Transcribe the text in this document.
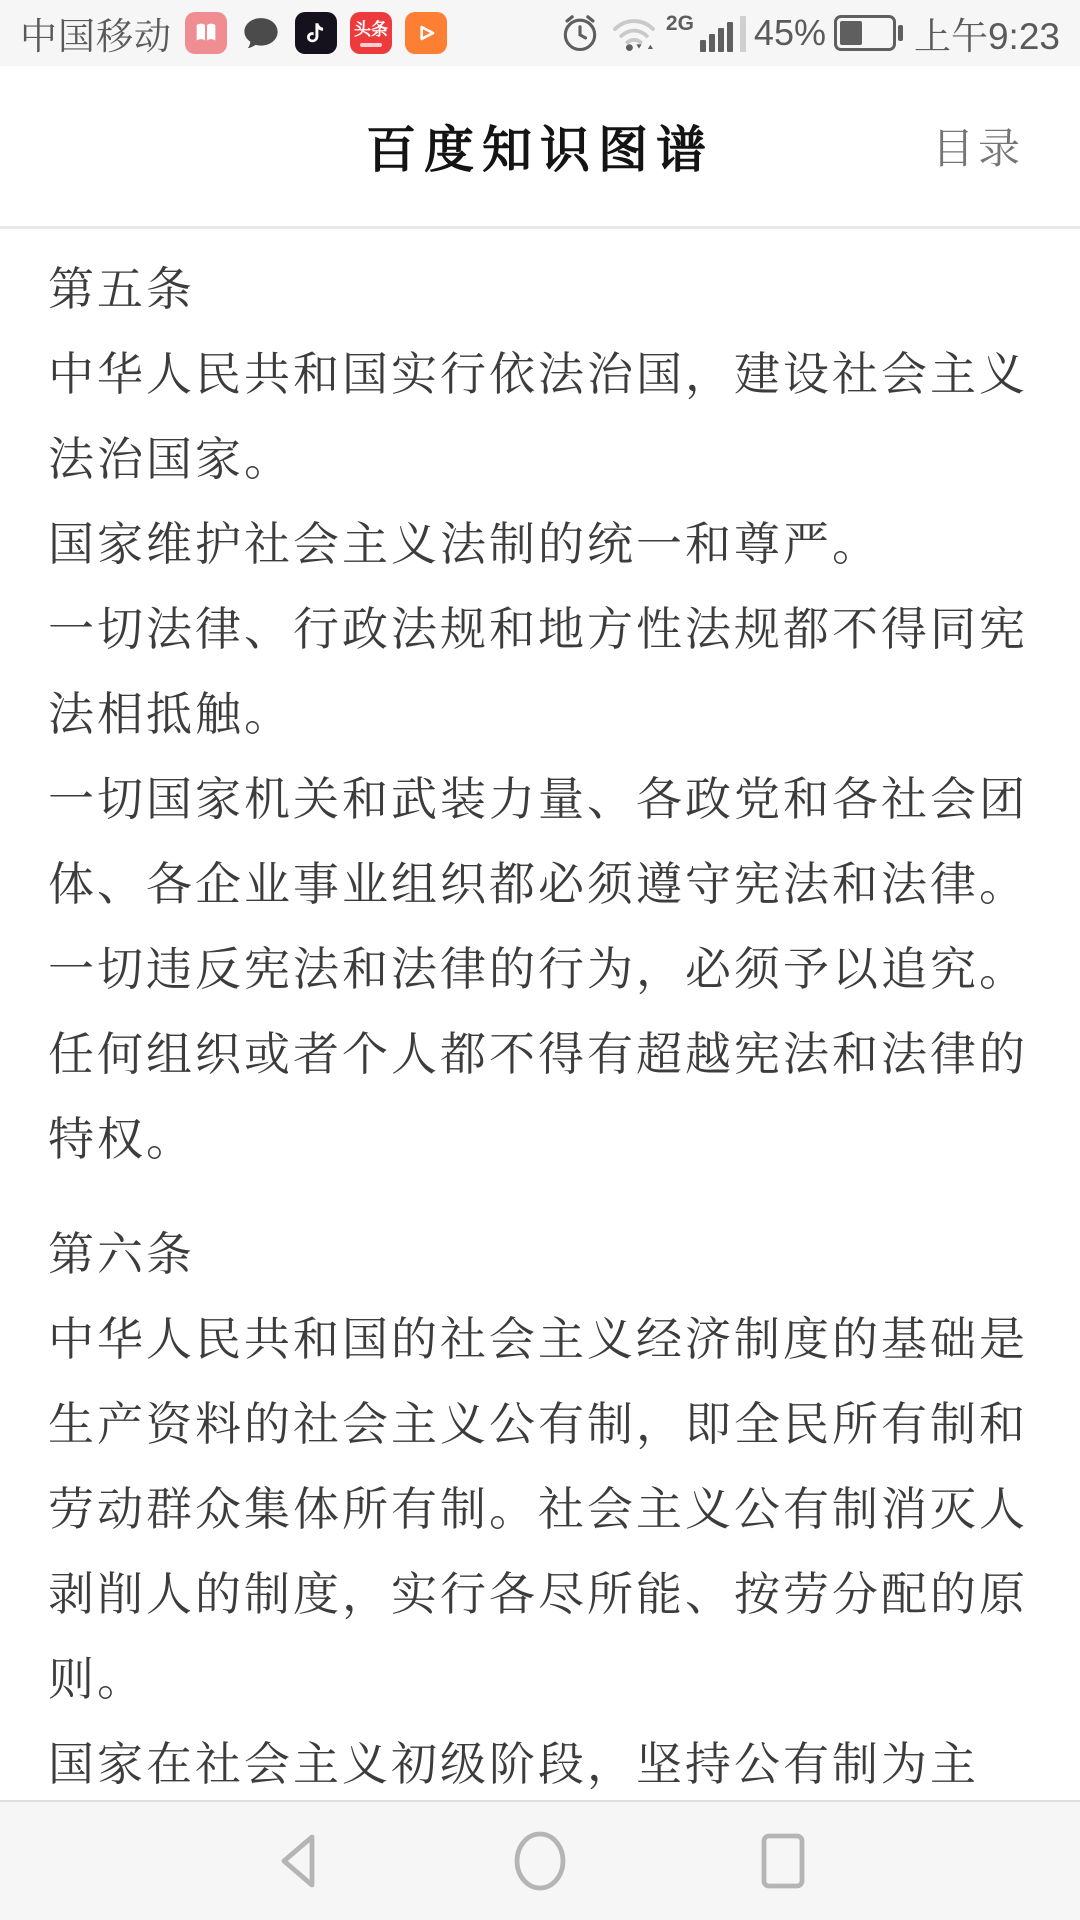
中国移动	头条	2G 45% 上午9:23
百度知识图谱	目录
第五条
中华人民共和国实行依法治国，建设社会主义
法治国家。
国家维护社会主义法制的统一和尊严。
一切法律、行政法规和地方性法规都不得同宪
法相抵触。
一切国家机关和武装力量、各政党和各社会团
体、各企业事业组织都必须遵守宪法和法律。
一切违反宪法和法律的行为，必须予以追究。
任何组织或者个人都不得有超越宪法和法律的
特权。
第六条
中华人民共和国的社会主义经济制度的基础是
生产资料的社会主义公有制，即全民所有制和
劳动群众集体所有制。社会主义公有制消灭人
剥削人的制度，实行各尽所能、按劳分配的原
则。
国家在社会主义初级阶段，坚持公有制为主
